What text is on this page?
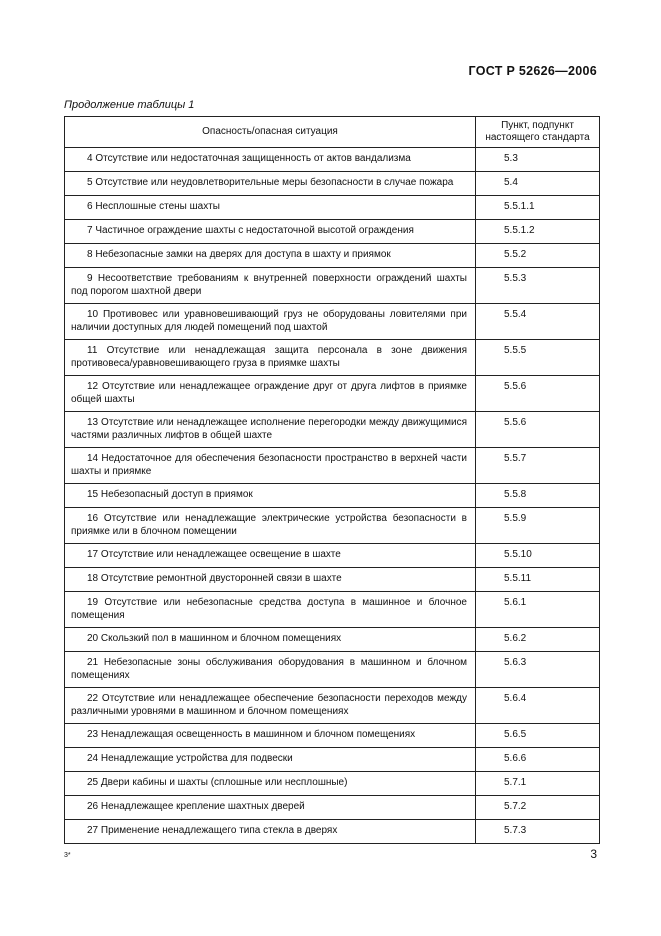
ГОСТ Р 52626—2006
Продолжение таблицы 1
Опасность/опасная ситуация	Пункт, подпункт настоящего стандарта
4 Отсутствие или недостаточная защищенность от актов вандализма	5.3
5 Отсутствие или неудовлетворительные меры безопасности в случае пожара	5.4
6 Несплошные стены шахты	5.5.1.1
7 Частичное ограждение шахты с недостаточной высотой ограждения	5.5.1.2
8 Небезопасные замки на дверях для доступа в шахту и приямок	5.5.2
9 Несоответствие требованиям к внутренней поверхности ограждений шахты под порогом шахтной двери	5.5.3
10 Противовес или уравновешивающий груз не оборудованы ловителями при наличии доступных для людей помещений под шахтой	5.5.4
11 Отсутствие или ненадлежащая защита персонала в зоне движения противовеса/уравновешивающего груза в приямке шахты	5.5.5
12 Отсутствие или ненадлежащее ограждение друг от друга лифтов в приямке общей шахты	5.5.6
13 Отсутствие или ненадлежащее исполнение перегородки между движущимися частями различных лифтов в общей шахте	5.5.6
14 Недостаточное для обеспечения безопасности пространство в верхней части шахты и приямке	5.5.7
15 Небезопасный доступ в приямок	5.5.8
16 Отсутствие или ненадлежащие электрические устройства безопасности в приямке или в блочном помещении	5.5.9
17 Отсутствие или ненадлежащее освещение в шахте	5.5.10
18 Отсутствие ремонтной двусторонней связи в шахте	5.5.11
19 Отсутствие или небезопасные средства доступа в машинное и блочное помещения	5.6.1
20 Скользкий пол в машинном и блочном помещениях	5.6.2
21 Небезопасные зоны обслуживания оборудования в машинном и блочном помещениях	5.6.3
22 Отсутствие или ненадлежащее обеспечение безопасности переходов между различными уровнями в машинном и блочном помещениях	5.6.4
23 Ненадлежащая освещенность в машинном и блочном помещениях	5.6.5
24 Ненадлежащие устройства для подвески	5.6.6
25 Двери кабины и шахты (сплошные или несплошные)	5.7.1
26 Ненадлежащее крепление шахтных дверей	5.7.2
27 Применение ненадлежащего типа стекла в дверях	5.7.3
3*	3
